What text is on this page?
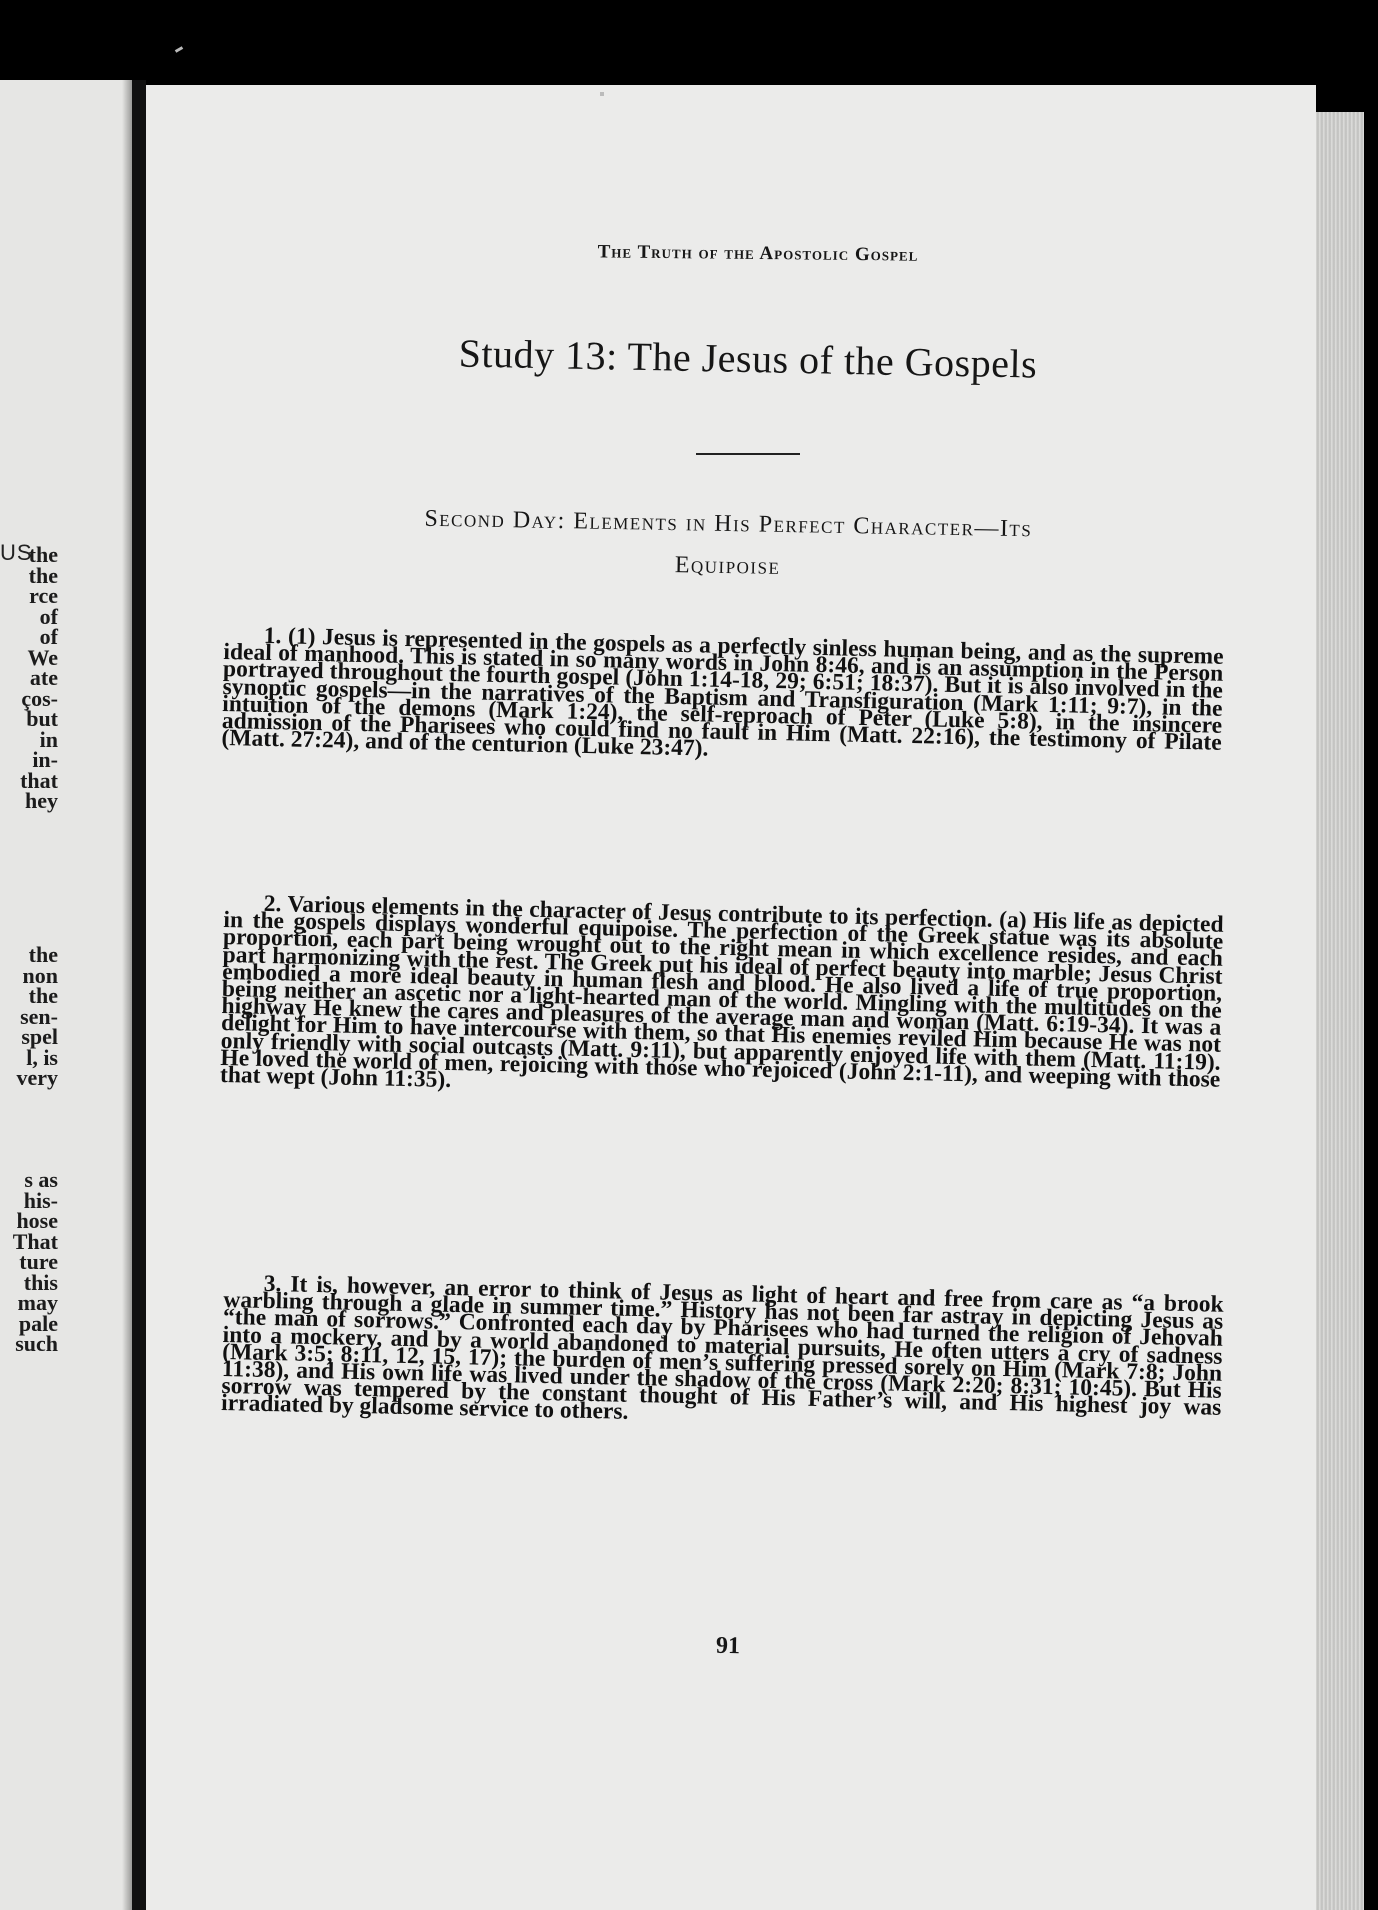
US
the
the
rce
of
of
We
ate
ços-
but
in
in-
that
hey
the
non
the
sen-
spel
l, is
very
s as
his-
hose
That
ture
this
may
pale
such
The Truth of the Apostolic Gospel
Study 13: The Jesus of the Gospels
Second Day: Elements in His Perfect Character—Its
Equipoise
1. (1) Jesus is represented in the gospels as a perfectly sinless human being, and as the supreme ideal of manhood. This is stated in so many words in John 8:46, and is an assumption in the Person portrayed throughout the fourth gospel (John 1:14-18, 29; 6:51; 18:37). But it is also involved in the synoptic gospels—in the narratives of the Baptism and Transfiguration (Mark 1:11; 9:7), in the intuition of the demons (Mark 1:24), the self-reproach of Peter (Luke 5:8), in the insincere admission of the Pharisees who could find no fault in Him (Matt. 22:16), the testimony of Pilate (Matt. 27:24), and of the centurion (Luke 23:47).
2. Various elements in the character of Jesus contribute to its perfection. (a) His life as depicted in the gospels displays wonderful equipoise. The perfection of the Greek statue was its absolute proportion, each part being wrought out to the right mean in which excellence resides, and each part harmonizing with the rest. The Greek put his ideal of perfect beauty into marble; Jesus Christ embodied a more ideal beauty in human flesh and blood. He also lived a life of true proportion, being neither an ascetic nor a light-hearted man of the world. Mingling with the multitudes on the highway He knew the cares and pleasures of the average man and woman (Matt. 6:19-34). It was a delight for Him to have intercourse with them, so that His enemies reviled Him because He was not only friendly with social outcasts (Matt. 9:11), but apparently enjoyed life with them (Matt. 11:19). He loved the world of men, rejoicing with those who rejoiced (John 2:1-11), and weeping with those that wept (John 11:35).
3. It is, however, an error to think of Jesus as light of heart and free from care as “a brook warbling through a glade in summer time.” History has not been far astray in depicting Jesus as “the man of sorrows.” Confronted each day by Pharisees who had turned the religion of Jehovah into a mockery, and by a world abandoned to material pursuits, He often utters a cry of sadness (Mark 3:5; 8:11, 12, 15, 17); the burden of men’s suffering pressed sorely on Him (Mark 7:8; John 11:38), and His own life was lived under the shadow of the cross (Mark 2:20; 8:31; 10:45). But His sorrow was tempered by the constant thought of His Father’s will, and His highest joy was irradiated by gladsome service to others.
91
